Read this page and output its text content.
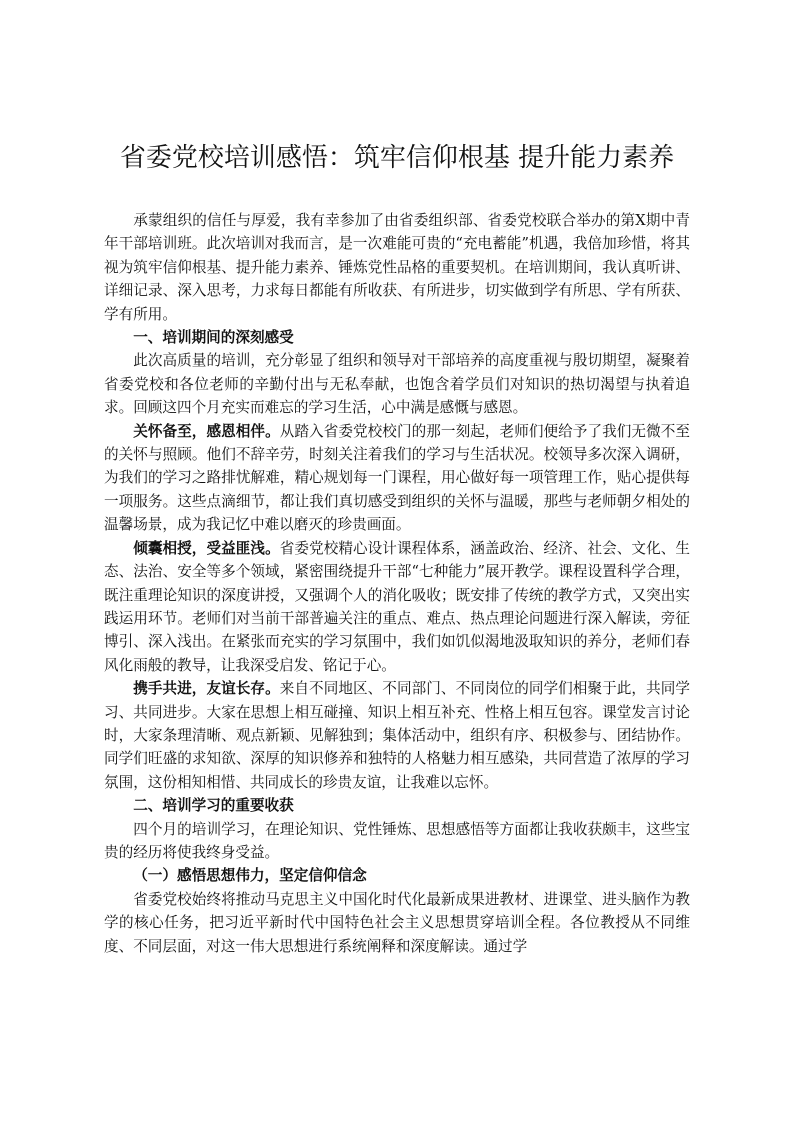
省委党校培训感悟：筑牢信仰根基 提升能力素养

承蒙组织的信任与厚爱，我有幸参加了由省委组织部、省委党校联合举办的第X期中青年干部培训班。此次培训对我而言，是一次难能可贵的“充电蓄能”机遇，我倍加珍惜，将其视为筑牢信仰根基、提升能力素养、锤炼党性品格的重要契机。在培训期间，我认真听讲、详细记录、深入思考，力求每日都能有所收获、有所进步，切实做到学有所思、学有所获、学有所用。

一、培训期间的深刻感受

此次高质量的培训，充分彰显了组织和领导对干部培养的高度重视与殷切期望，凝聚着省委党校和各位老师的辛勤付出与无私奉献，也饱含着学员们对知识的热切渴望与执着追求。回顾这四个月充实而难忘的学习生活，心中满是感慨与感恩。

关怀备至，感恩相伴。从踏入省委党校校门的那一刻起，老师们便给予了我们无微不至的关怀与照顾。他们不辞辛劳，时刻关注着我们的学习与生活状况。校领导多次深入调研，为我们的学习之路排忧解难，精心规划每一门课程，用心做好每一项管理工作，贴心提供每一项服务。这些点滴细节，都让我们真切感受到组织的关怀与温暖，那些与老师朝夕相处的温馨场景，成为我记忆中难以磨灭的珍贵画面。

倾囊相授，受益匪浅。省委党校精心设计课程体系，涵盖政治、经济、社会、文化、生态、法治、安全等多个领域，紧密围绕提升干部“七种能力”展开教学。课程设置科学合理，既注重理论知识的深度讲授，又强调个人的消化吸收；既安排了传统的教学方式，又突出实践运用环节。老师们对当前干部普遍关注的重点、难点、热点理论问题进行深入解读，旁征博引、深入浅出。在紧张而充实的学习氛围中，我们如饥似渴地汲取知识的养分，老师们春风化雨般的教导，让我深受启发、铭记于心。

携手共进，友谊长存。来自不同地区、不同部门、不同岗位的同学们相聚于此，共同学习、共同进步。大家在思想上相互碰撞、知识上相互补充、性格上相互包容。课堂发言讨论时，大家条理清晰、观点新颖、见解独到；集体活动中，组织有序、积极参与、团结协作。同学们旺盛的求知欲、深厚的知识修养和独特的人格魅力相互感染，共同营造了浓厚的学习氛围，这份相知相惜、共同成长的珍贵友谊，让我难以忘怀。

二、培训学习的重要收获

四个月的培训学习，在理论知识、党性锤炼、思想感悟等方面都让我收获颇丰，这些宝贵的经历将使我终身受益。

（一）感悟思想伟力，坚定信仰信念

省委党校始终将推动马克思主义中国化时代化最新成果进教材、进课堂、进头脑作为教学的核心任务，把习近平新时代中国特色社会主义思想贯穿培训全程。各位教授从不同维度、不同层面，对这一伟大思想进行系统阐释和深度解读。通过学
